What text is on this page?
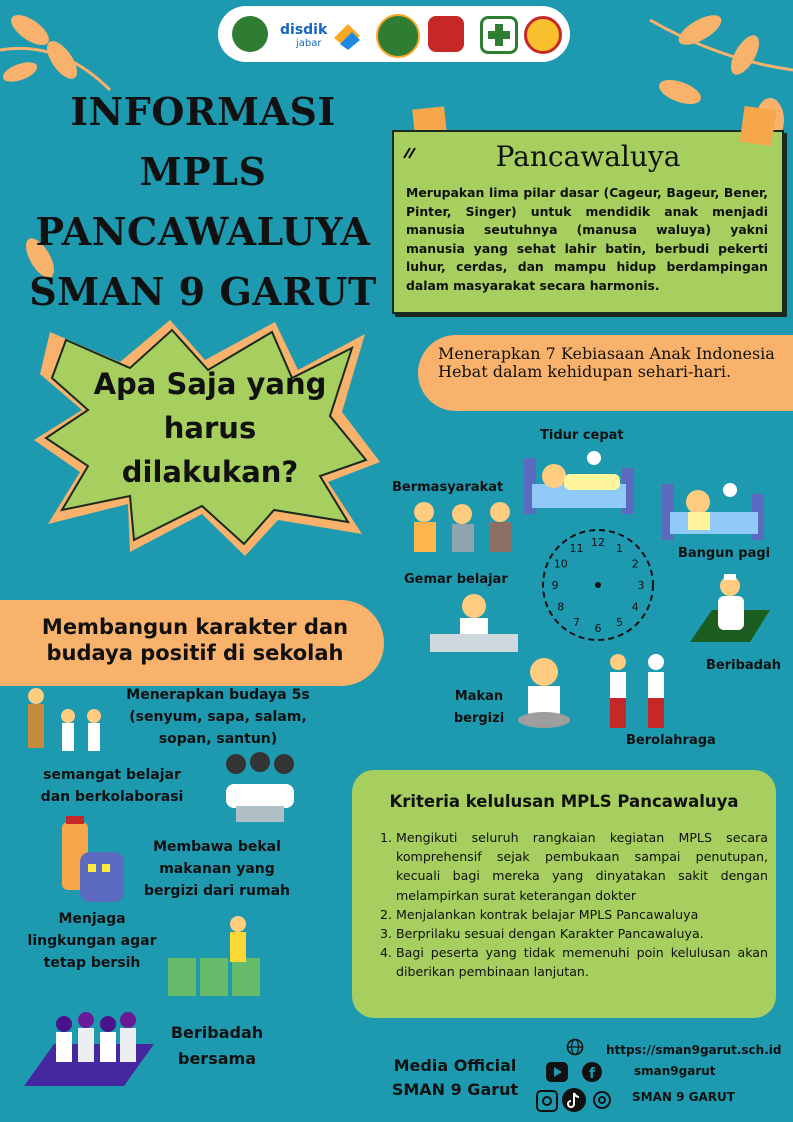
disdik
jabar
INFORMASI
MPLS
PANCAWALUYA
SMAN 9 GARUT
Pancawaluya
Merupakan lima pilar dasar (Cageur, Bageur, Bener, Pinter, Singer) untuk mendidik anak menjadi manusia seutuhnya (manusa waluya) yakni manusia yang sehat lahir batin, berbudi pekerti luhur, cerdas, dan mampu hidup berdampingan dalam masyarakat secara harmonis.
Apa Saja yang
harus
dilakukan?
Menerapkan 7 Kebiasaan Anak Indonesia Hebat dalam kehidupan sehari-hari.
12 1
2
3
4
5
6
7
8
9
10
11
Tidur cepat
Bangun pagi
Beribadah
Berolahraga
Makan bergizi
Gemar belajar
Bermasyarakat
Membangun karakter dan
budaya positif di sekolah
Menerapkan budaya 5s
(senyum, sapa, salam,
sopan, santun)
semangat belajar
dan berkolaborasi
Membawa bekal
makanan yang
bergizi dari rumah
Menjaga
lingkungan agar
tetap bersih
Beribadah
bersama
Kriteria kelulusan MPLS Pancawaluya
1. Mengikuti seluruh rangkaian kegiatan MPLS secara komprehensif sejak pembukaan sampai penutupan, kecuali bagi mereka yang dinyatakan sakit dengan melampirkan surat keterangan dokter
2. Menjalankan kontrak belajar MPLS Pancawaluya
3. Berprilaku sesuai dengan Karakter Pancawaluya.
4. Bagi peserta yang tidak memenuhi poin kelulusan akan diberikan pembinaan lanjutan.
Media Official
SMAN 9 Garut
https://sman9garut.sch.id
f	sman9garut
SMAN 9 GARUT
